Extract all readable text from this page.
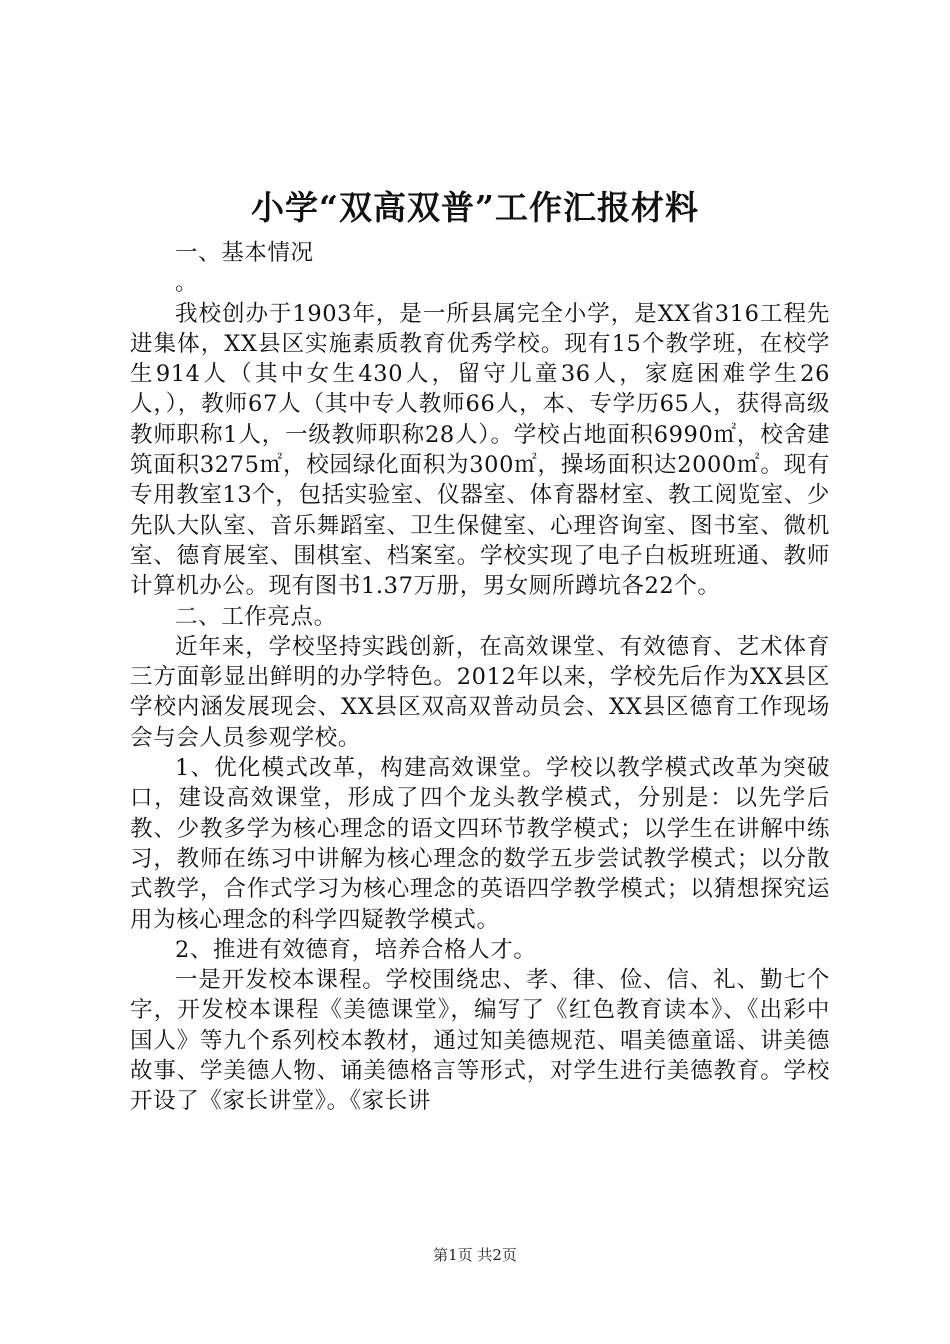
小学“双高双普”工作汇报材料

一、基本情况

。

我校创办于1903年，是一所县属完全小学，是XX省316工程先进集体，XX县区实施素质教育优秀学校。现有15个教学班，在校学生914人（其中女生430人，留守儿童36人，家庭困难学生26人，），教师67人（其中专人教师66人，本、专学历65人，获得高级教师职称1人，一级教师职称28人）。学校占地面积6990㎡，校舍建筑面积3275㎡，校园绿化面积为300㎡，操场面积达2000㎡。现有专用教室13个，包括实验室、仪器室、体育器材室、教工阅览室、少先队大队室、音乐舞蹈室、卫生保健室、心理咨询室、图书室、微机室、德育展室、围棋室、档案室。学校实现了电子白板班班通、教师计算机办公。现有图书1.37万册，男女厕所蹲坑各22个。

二、工作亮点。

近年来，学校坚持实践创新，在高效课堂、有效德育、艺术体育三方面彰显出鲜明的办学特色。2012年以来，学校先后作为XX县区学校内涵发展现会、XX县区双高双普动员会、XX县区德育工作现场会与会人员参观学校。

1、优化模式改革，构建高效课堂。学校以教学模式改革为突破口，建设高效课堂，形成了四个龙头教学模式，分别是：以先学后教、少教多学为核心理念的语文四环节教学模式；以学生在讲解中练习，教师在练习中讲解为核心理念的数学五步尝试教学模式；以分散式教学，合作式学习为核心理念的英语四学教学模式；以猜想探究运用为核心理念的科学四疑教学模式。

2、推进有效德育，培养合格人才。

一是开发校本课程。学校围绕忠、孝、律、俭、信、礼、勤七个字，开发校本课程《美德课堂》，编写了《红色教育读本》、《出彩中国人》等九个系列校本教材，通过知美德规范、唱美德童谣、讲美德故事、学美德人物、诵美德格言等形式，对学生进行美德教育。学校开设了《家长讲堂》。《家长讲

第1页 共2页
